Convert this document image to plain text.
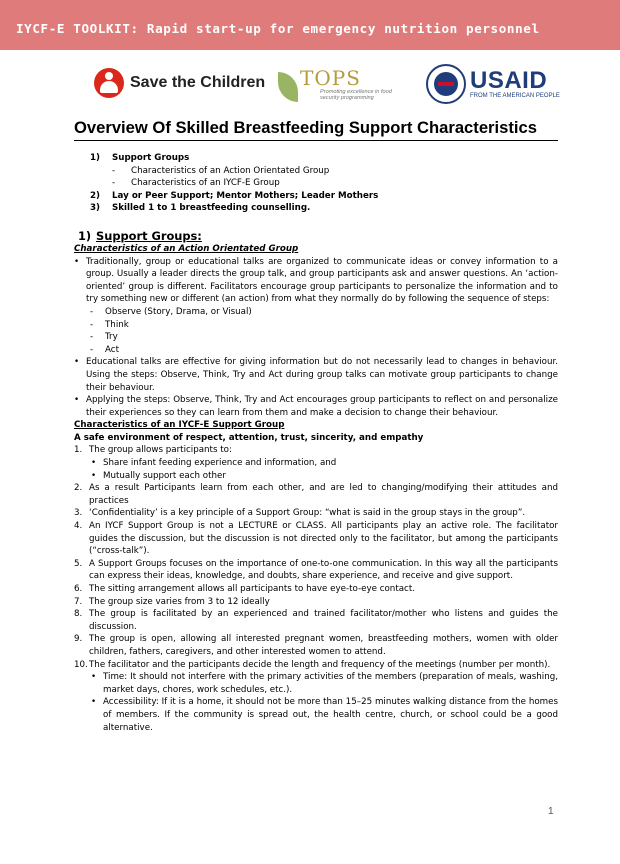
IYCF-E TOOLKIT: Rapid start-up for emergency nutrition personnel
Save the Children TOPS
Promoting excellence in food security programming
USAID
FROM THE AMERICAN PEOPLE
Overview Of Skilled Breastfeeding Support Characteristics
1)	Support Groups
-	Characteristics of an Action Orientated Group
-	Characteristics of an IYCF-E Group
2)	Lay or Peer Support; Mentor Mothers; Leader Mothers
3)	Skilled 1 to 1 breastfeeding counselling.
1) Support Groups:

Characteristics of an Action Orientated Group

• Traditionally, group or educational talks are organized to communicate ideas or convey information to a group. Usually a leader directs the group talk, and group participants ask and answer questions. An ‘action-oriented’ group is different. Facilitators encourage group participants to personalize the information and to try something new or different (an action) from what they normally do by following the sequence of steps:
-	Observe (Story, Drama, or Visual)
-	Think
-	Try
-	Act
• Educational talks are effective for giving information but do not necessarily lead to changes in behaviour. Using the steps: Observe, Think, Try and Act during group talks can motivate group participants to change their behaviour.
• Applying the steps: Observe, Think, Try and Act encourages group participants to reflect on and personalize their experiences so they can learn from them and make a decision to change their behaviour.

Characteristics of an IYCF-E Support Group

A safe environment of respect, attention, trust, sincerity, and empathy

1. The group allows participants to:
• Share infant feeding experience and information, and
• Mutually support each other
2. As a result Participants learn from each other, and are led to changing/modifying their attitudes and practices
3. ‘Confidentiality’ is a key principle of a Support Group: “what is said in the group stays in the group”.
4. An IYCF Support Group is not a LECTURE or CLASS. All participants play an active role. The facilitator guides the discussion, but the discussion is not directed only to the facilitator, but among the participants (“cross-talk”).
5. A Support Groups focuses on the importance of one-to-one communication. In this way all the participants can express their ideas, knowledge, and doubts, share experience, and receive and give support.
6. The sitting arrangement allows all participants to have eye-to-eye contact.
7. The group size varies from 3 to 12 ideally
8. The group is facilitated by an experienced and trained facilitator/mother who listens and guides the discussion.
9. The group is open, allowing all interested pregnant women, breastfeeding mothers, women with older children, fathers, caregivers, and other interested women to attend.
10. The facilitator and the participants decide the length and frequency of the meetings (number per month).
• Time: It should not interfere with the primary activities of the members (preparation of meals, washing, market days, chores, work schedules, etc.).
• Accessibility: If it is a home, it should not be more than 15–25 minutes walking distance from the homes of members. If the community is spread out, the health centre, church, or school could be a good alternative.
1
